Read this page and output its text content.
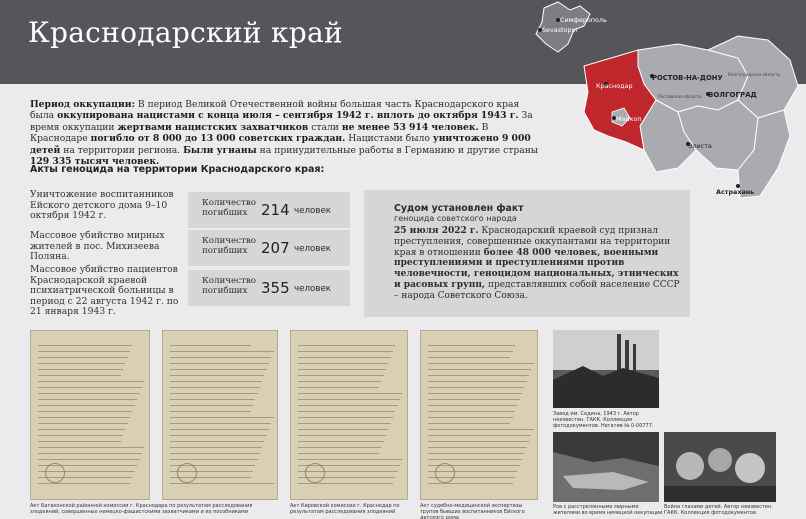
Краснодарский край	Симферополь
Sevastopol
РОСТОВ-НА-ДОНУ Волгоградская область
ВОЛГОГРАД
Ростовская область
Краснодар
Майкоп
Элиста
Астрахань
Период оккупации: В период Великой Отечественной войны большая часть Краснодарского края была оккупирована нацистами с конца июля – сентября 1942 г. вплоть до октября 1943 г. За время оккупации жертвами нацистских захватчиков стали не менее 53 914 человек. В Краснодаре погибло от 8 000 до 13 000 советских граждан. Нацистами было уничтожено 9 000 детей на территории региона. Были угнаны на принудительные работы в Германию и другие страны 129 335 тысяч человек.
Акты геноцида на территории Краснодарского края:
Уничтожение воспитанников Ейского детского дома 9–10 октября 1942 г.
Массовое убийство мирных жителей в пос. Михизеева Поляна.
Массовое убийство пациентов Краснодарской краевой психиатрической больницы в период с 22 августа 1942 г. по 21 января 1943 г.
Количество погибших 214 человек
Количество погибших 207 человек
Количество погибших 355 человек
Судом установлен факт
геноцида советского народа
25 июля 2022 г. Краснодарский краевой суд признал преступления, совершенные оккупантами на территории края в отношении более 48 000 человек, военными преступлениями и преступлениями против человечности, геноцидом национальных, этнических и расовых групп, представлявших собой население СССР – народа Советского Союза.
Акт Батаконской районной комиссии г. Краснодара по результатам расследования злодеяний, совершенных немецко-фашистскими захватчиками и их пособниками
Акт Кировской комиссии г. Краснодар по результатам расследования злодеяний
Акт судебно-медицинской экспертизы трупов бывших воспитанников Ейского детского дома
Завод им. Седина, 1943 г. Автор неизвестен. ГАКК. Коллекция фотодокументов. Негатив № 0-00777.
Ров с расстрелянными мирными жителями во время немецкой оккупации
Война глазами детей. Автор неизвестен. ГАКК. Коллекция фотодокументов.
